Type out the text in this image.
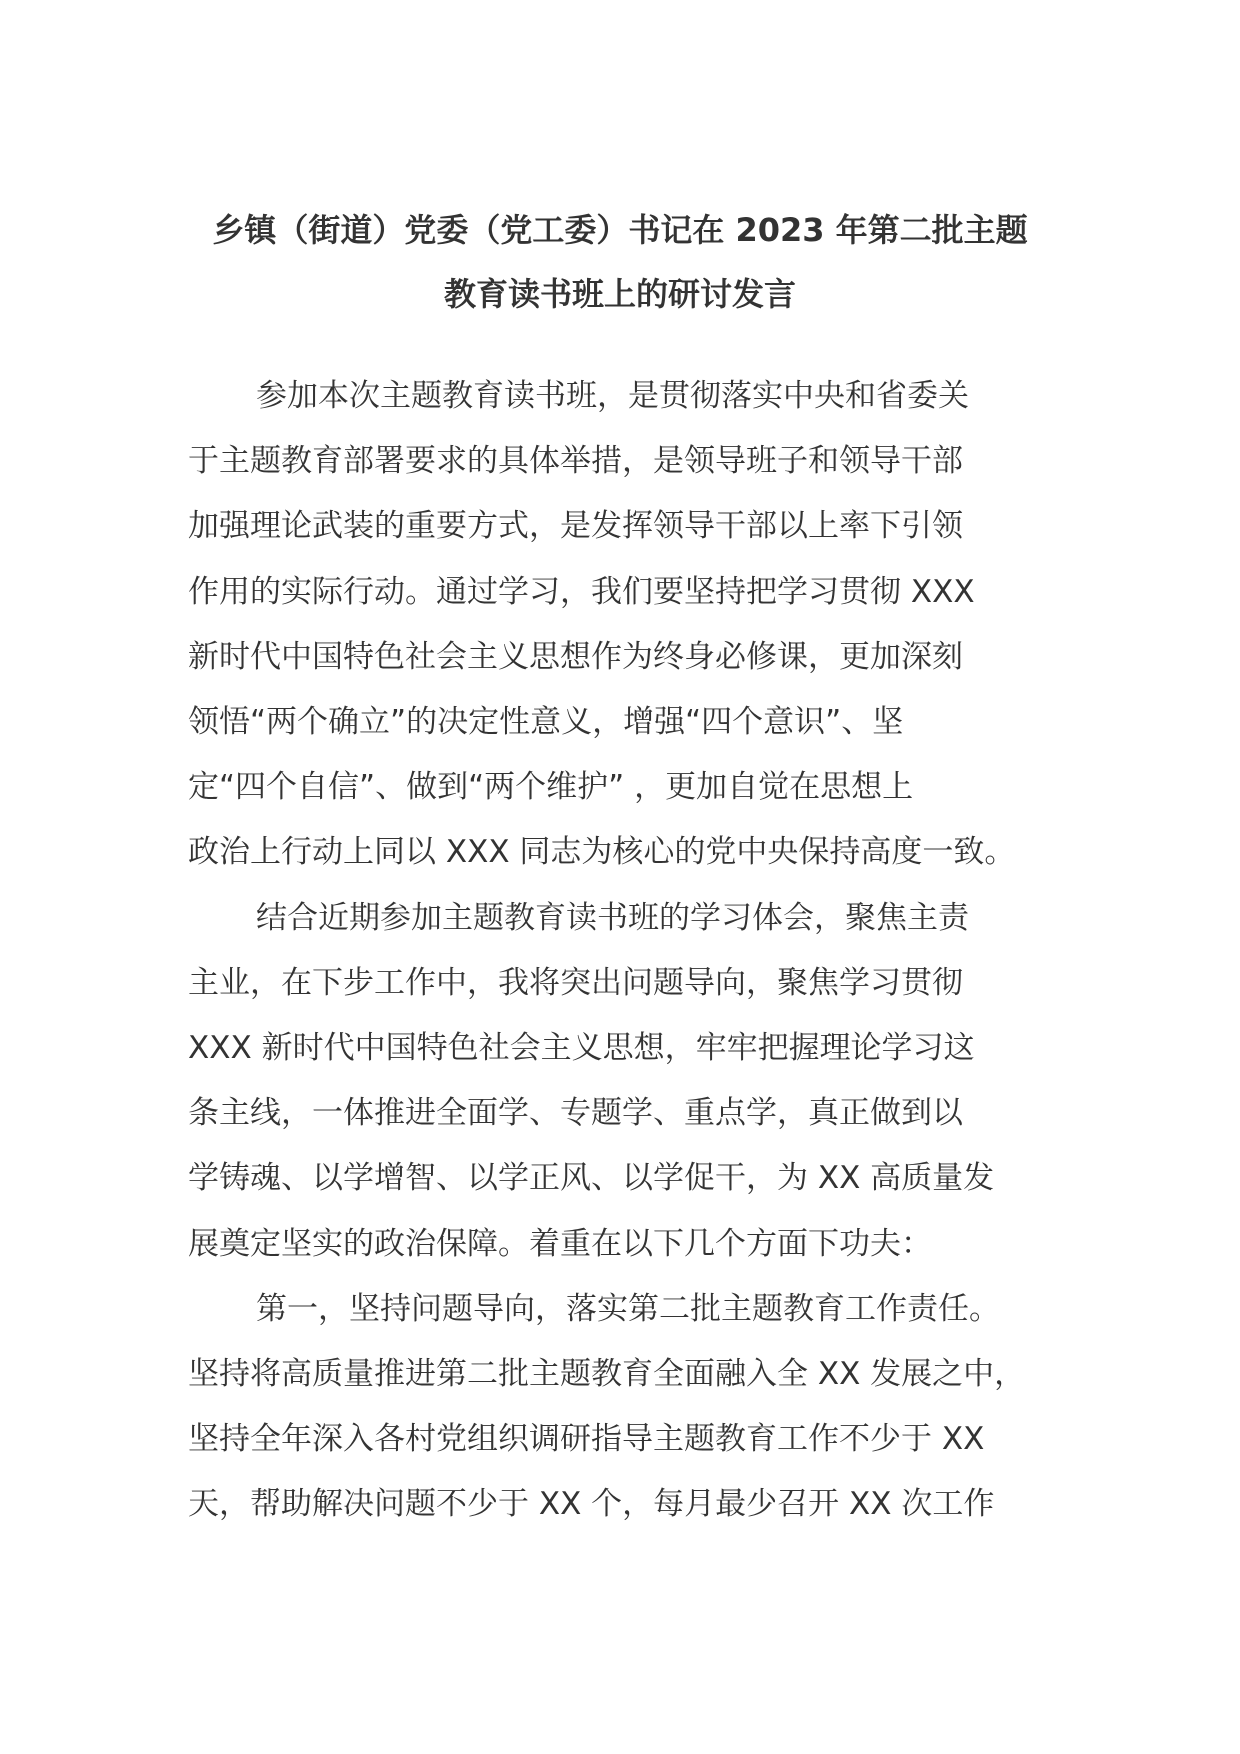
乡镇（街道）党委（党工委）书记在 2023 年第二批主题
教育读书班上的研讨发言

参加本次主题教育读书班，是贯彻落实中央和省委关
于主题教育部署要求的具体举措，是领导班子和领导干部
加强理论武装的重要方式，是发挥领导干部以上率下引领
作用的实际行动。通过学习，我们要坚持把学习贯彻 XXX
新时代中国特色社会主义思想作为终身必修课，更加深刻
领悟“两个确立”的决定性意义，增强“四个意识”、坚
定“四个自信”、做到“两个维护” ，更加自觉在思想上
政治上行动上同以 XXX 同志为核心的党中央保持高度一致。

结合近期参加主题教育读书班的学习体会，聚焦主责
主业，在下步工作中，我将突出问题导向，聚焦学习贯彻
XXX 新时代中国特色社会主义思想，牢牢把握理论学习这
条主线，一体推进全面学、专题学、重点学，真正做到以
学铸魂、以学增智、以学正风、以学促干，为 XX 高质量发
展奠定坚实的政治保障。着重在以下几个方面下功夫：

第一，坚持问题导向，落实第二批主题教育工作责任。
坚持将高质量推进第二批主题教育全面融入全 XX 发展之中，
坚持全年深入各村党组织调研指导主题教育工作不少于 XX
天，帮助解决问题不少于 XX 个，每月最少召开 XX 次工作
